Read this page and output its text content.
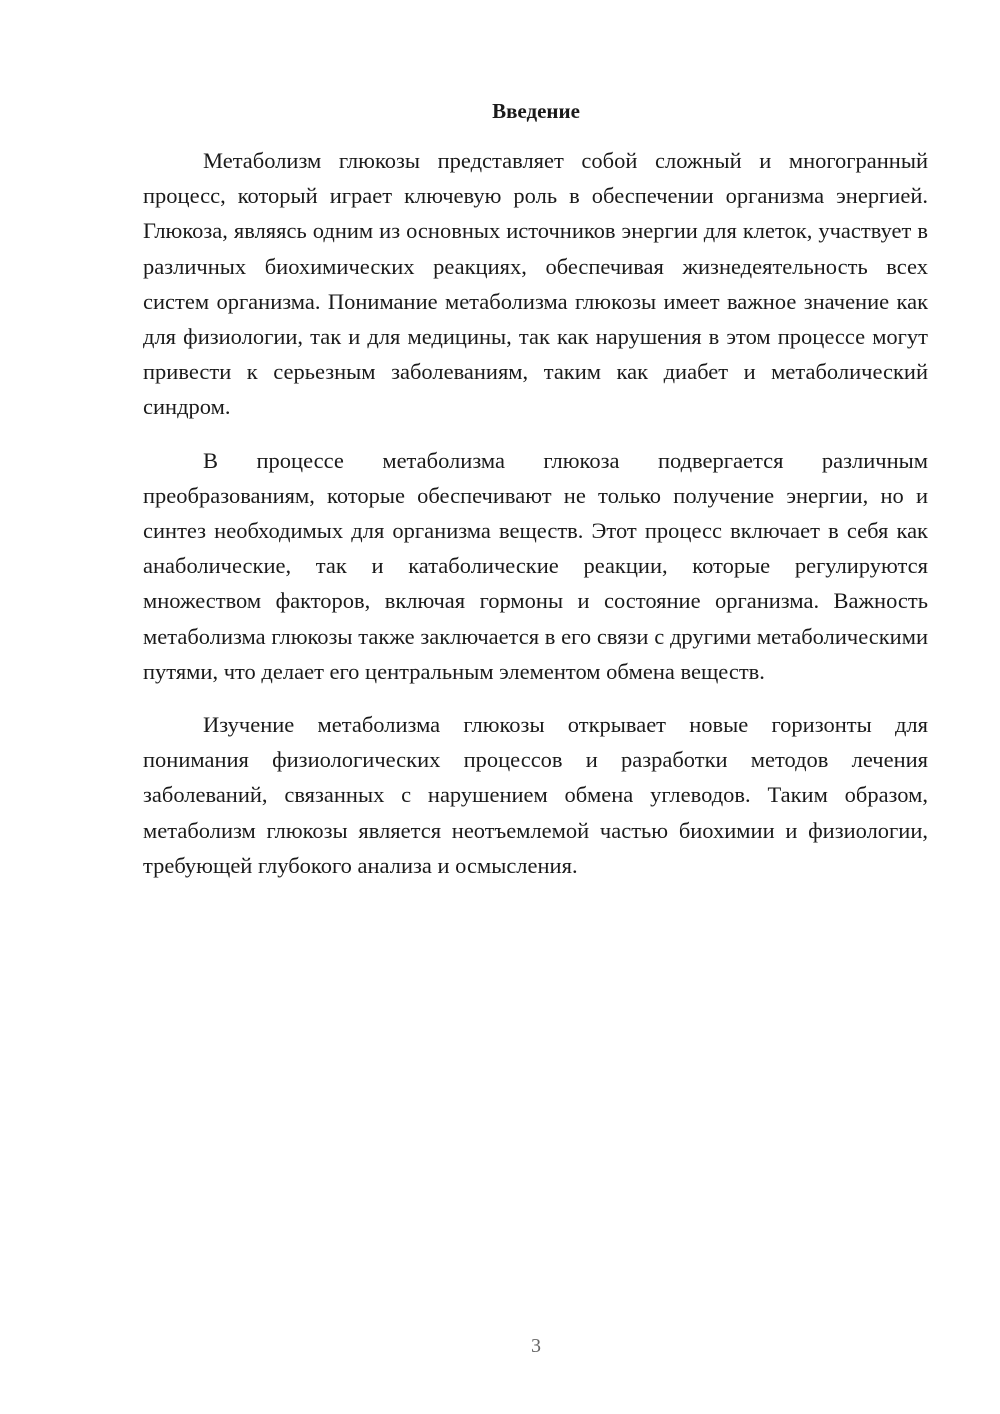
Введение

Метаболизм глюкозы представляет собой сложный и многогранный процесс, который играет ключевую роль в обеспечении организма энергией. Глюкоза, являясь одним из основных источников энергии для клеток, участвует в различных биохимических реакциях, обеспечивая жизнедеятельность всех систем организма. Понимание метаболизма глюкозы имеет важное значение как для физиологии, так и для медицины, так как нарушения в этом процессе могут привести к серьезным заболеваниям, таким как диабет и метаболический синдром.

В процессе метаболизма глюкоза подвергается различным преобразованиям, которые обеспечивают не только получение энергии, но и синтез необходимых для организма веществ. Этот процесс включает в себя как анаболические, так и катаболические реакции, которые регулируются множеством факторов, включая гормоны и состояние организма. Важность метаболизма глюкозы также заключается в его связи с другими метаболическими путями, что делает его центральным элементом обмена веществ.

Изучение метаболизма глюкозы открывает новые горизонты для понимания физиологических процессов и разработки методов лечения заболеваний, связанных с нарушением обмена углеводов. Таким образом, метаболизм глюкозы является неотъемлемой частью биохимии и физиологии, требующей глубокого анализа и осмысления.

3
